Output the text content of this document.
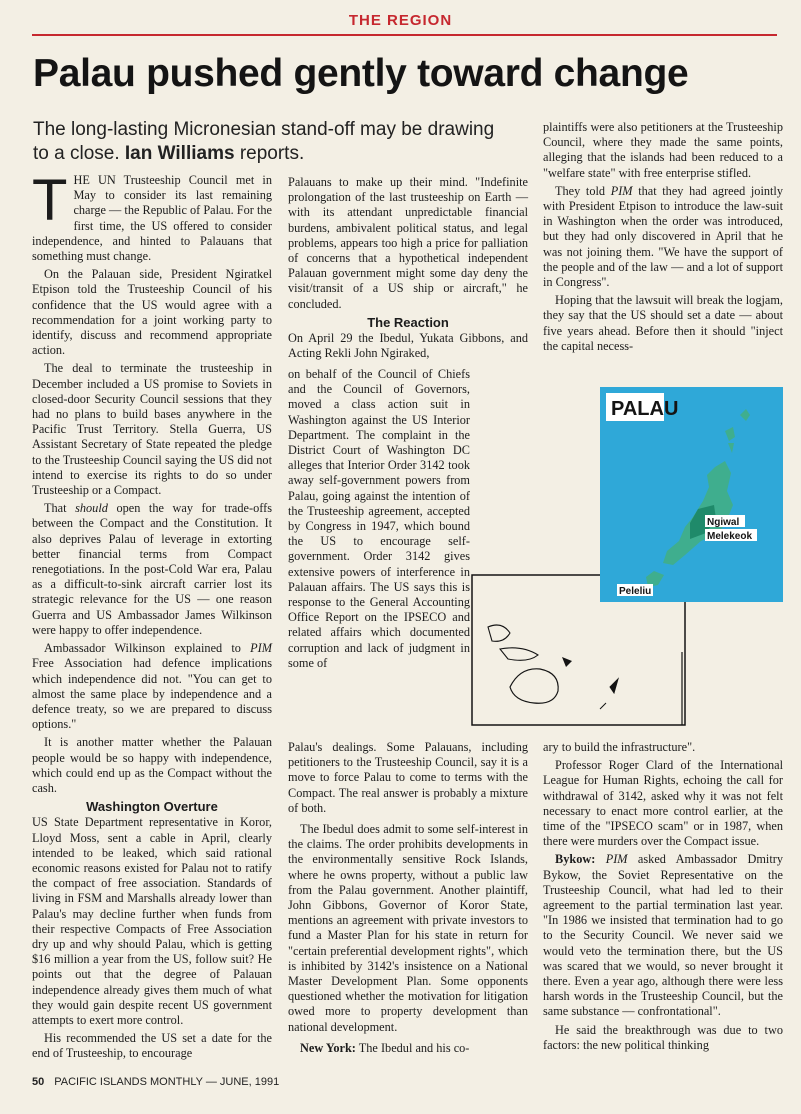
THE REGION
Palau pushed gently toward change
The long-lasting Micronesian stand-off may be drawing to a close. Ian Williams reports.

THE UN Trusteeship Council met in May to consider its last remaining charge — the Republic of Palau. For the first time, the US offered to consider independence, and hinted to Palauans that something must change.

On the Palauan side, President Ngiratkel Etpison told the Trusteeship Council of his confidence that the US would agree with a recommendation for a joint working party to identify, discuss and recommend appropriate action.

The deal to terminate the trusteeship in December included a US promise to Soviets in closed-door Security Council sessions that they had no plans to build bases anywhere in the Pacific Trust Territory. Stella Guerra, US Assistant Secretary of State repeated the pledge to the Trusteeship Council saying the US did not intend to exercise its rights to do so under Trusteeship or a Compact.

That should open the way for trade-offs between the Compact and the Constitution. It also deprives Palau of leverage in extorting better financial terms from Compact renegotiations. In the post-Cold War era, Palau as a difficult-to-sink aircraft carrier lost its strategic relevance for the US — one reason Guerra and US Ambassador James Wilkinson were happy to offer independence.

Ambassador Wilkinson explained to PIM Free Association had defence implications which independence did not. "You can get to almost the same place by independence and a defence treaty, so we are prepared to discuss options."

It is another matter whether the Palauan people would be so happy with independence, which could end up as the Compact without the cash.

Washington Overture

US State Department representative in Koror, Lloyd Moss, sent a cable in April, clearly intended to be leaked, which said rational economic reasons existed for Palau not to ratify the compact of free association. Standards of living in FSM and Marshalls already lower than Palau's may decline further when funds from their respective Compacts of Free Association dry up and why should Palau, which is getting $16 million a year from the US, follow suit? He points out that the degree of Palauan independence already gives them much of what they would gain despite recent US government attempts to exert more control.

His recommended the US set a date for the end of Trusteeship, to encourage

Palauans to make up their mind. "Indefinite prolongation of the last trusteeship on Earth — with its attendant unpredictable financial burdens, ambivalent political status, and legal problems, appears too high a price for palliation of concerns that a hypothetical independent Palauan government might some day deny the visit/transit of a US ship or aircraft," he concluded.

The Reaction

On April 29 the Ibedul, Yukata Gibbons, and Acting Rekli John Ngiraked,

on behalf of the Council of Chiefs and the Council of Governors, moved a class action suit in Washington against the US Interior Department. The complaint in the District Court of Washington DC alleges that Interior Order 3142 took away self-government powers from Palau, going against the intention of the Trusteeship agreement, accepted by Congress in 1947, which bound the US to encourage self-government. Order 3142 gives extensive powers of interference in Palauan affairs. The US says this is response to the General Accounting Office Report on the IPSECO and related affairs which documented corruption and lack of judgment in some of

Palau's dealings. Some Palauans, including petitioners to the Trusteeship Council, say it is a move to force Palau to come to terms with the Compact. The real answer is probably a mixture of both.

The Ibedul does admit to some self-interest in the claims. The order prohibits developments in the environmentally sensitive Rock Islands, where he owns property, without a public law from the Palau government. Another plaintiff, John Gibbons, Governor of Koror State, mentions an agreement with private investors to fund a Master Plan for his state in return for "certain preferential development rights", which is inhibited by 3142's insistence on a National Master Development Plan. Some opponents questioned whether the motivation for litigation owed more to property development than national development.

New York: The Ibedul and his co-

plaintiffs were also petitioners at the Trusteeship Council, where they made the same points, alleging that the islands had been reduced to a "welfare state" with free enterprise stifled.

They told PIM that they had agreed jointly with President Etpison to introduce the law-suit in Washington when the order was introduced, but they had only discovered in April that he was not joining them. "We have the support of the people and of the law — and a lot of support in Congress".

Hoping that the lawsuit will break the logjam, they say that the US should set a date — about five years ahead. Before then it should "inject the capital necess-

ary to build the infrastructure".

Professor Roger Clard of the International League for Human Rights, echoing the call for withdrawal of 3142, asked why it was not felt necessary to enact more control earlier, at the time of the "IPSECO scam" or in 1987, when there were murders over the Compact issue.

Bykow: PIM asked Ambassador Dmitry Bykow, the Soviet Representative on the Trusteeship Council, what had led to their agreement to the partial termination last year. "In 1986 we insisted that termination had to go to the Security Council. We never said we would veto the termination there, but the US was scared that we would, so never brought it there. Even a year ago, although there were less harsh words in the Trusteeship Council, but the same substance — confrontational".

He said the breakthrough was due to two factors: the new political thinking

PALAU
Ngiwal
Melekeok
Peleliu
50 PACIFIC ISLANDS MONTHLY — JUNE, 1991
